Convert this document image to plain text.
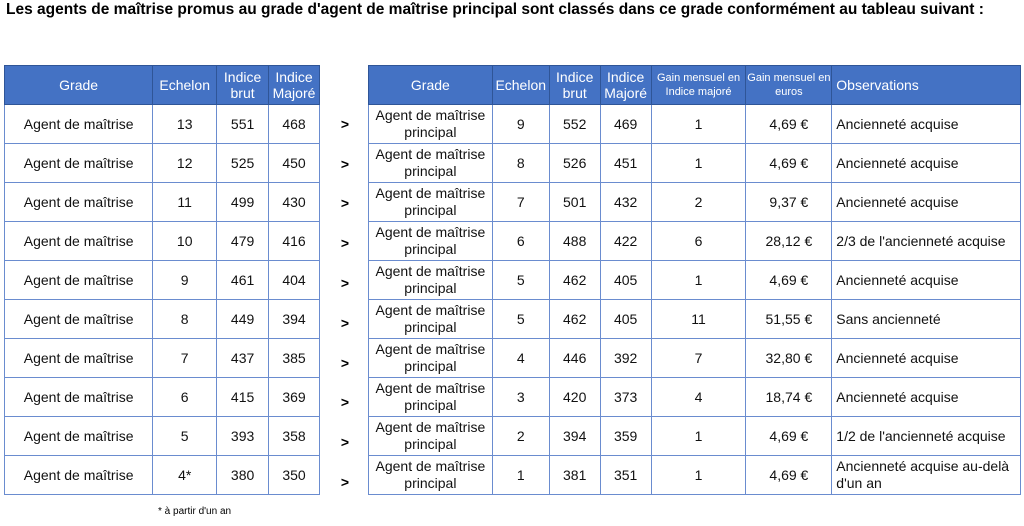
Les agents de maîtrise promus au grade d'agent de maîtrise principal sont classés dans ce grade conformément au tableau suivant :
Grade	Echelon	Indice brut	Indice Majoré
Agent de maîtrise	13	551	468
Agent de maîtrise	12	525	450
Agent de maîtrise	11	499	430
Agent de maîtrise	10	479	416
Agent de maîtrise	9	461	404
Agent de maîtrise	8	449	394
Agent de maîtrise	7	437	385
Agent de maîtrise	6	415	369
Agent de maîtrise	5	393	358
Agent de maîtrise	4*	380	350
>
>
>
>
>
>
>
>
>
>
Grade	Echelon	Indice brut	Indice Majoré	Gain mensuel en Indice majoré	Gain mensuel en euros	Observations
Agent de maîtrise principal	9	552	469	1	4,69 €	Ancienneté acquise
Agent de maîtrise principal	8	526	451	1	4,69 €	Ancienneté acquise
Agent de maîtrise principal	7	501	432	2	9,37 €	Ancienneté acquise
Agent de maîtrise principal	6	488	422	6	28,12 €	2/3 de l'ancienneté acquise
Agent de maîtrise principal	5	462	405	1	4,69 €	Ancienneté acquise
Agent de maîtrise principal	5	462	405	11	51,55 €	Sans ancienneté
Agent de maîtrise principal	4	446	392	7	32,80 €	Ancienneté acquise
Agent de maîtrise principal	3	420	373	4	18,74 €	Ancienneté acquise
Agent de maîtrise principal	2	394	359	1	4,69 €	1/2 de l'ancienneté acquise
Agent de maîtrise principal	1	381	351	1	4,69 €	Ancienneté acquise au-delà d'un an
* à partir d'un an
